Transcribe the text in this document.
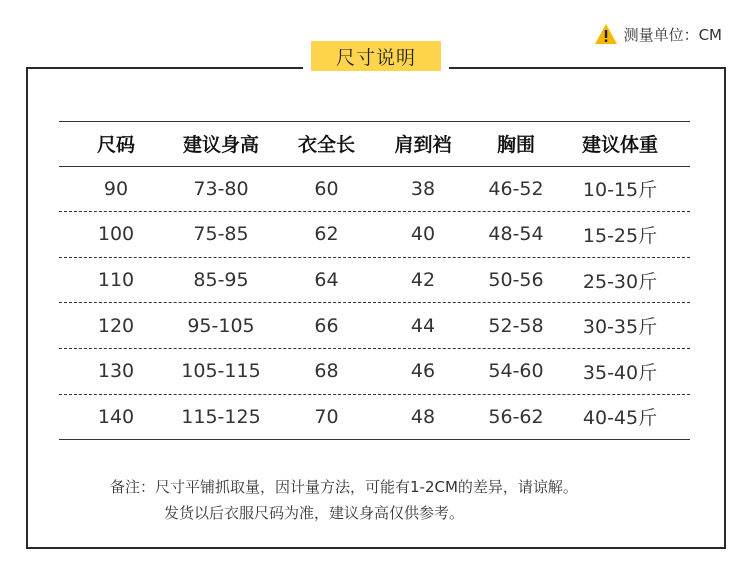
测量单位：CM
尺寸说明
尺码	建议身高	衣全长	肩到裆	胸围	建议体重
90	73-80	60	38	46-52	10-15斤
100	75-85	62	40	48-54	15-25斤
110	85-95	64	42	50-56	25-30斤
120	95-105	66	44	52-58	30-35斤
130	105-115	68	46	54-60	35-40斤
140	115-125	70	48	56-62	40-45斤
备注：尺寸平铺抓取量，因计量方法，可能有1-2CM的差异，请谅解。
发货以后衣服尺码为准，建议身高仅供参考。
